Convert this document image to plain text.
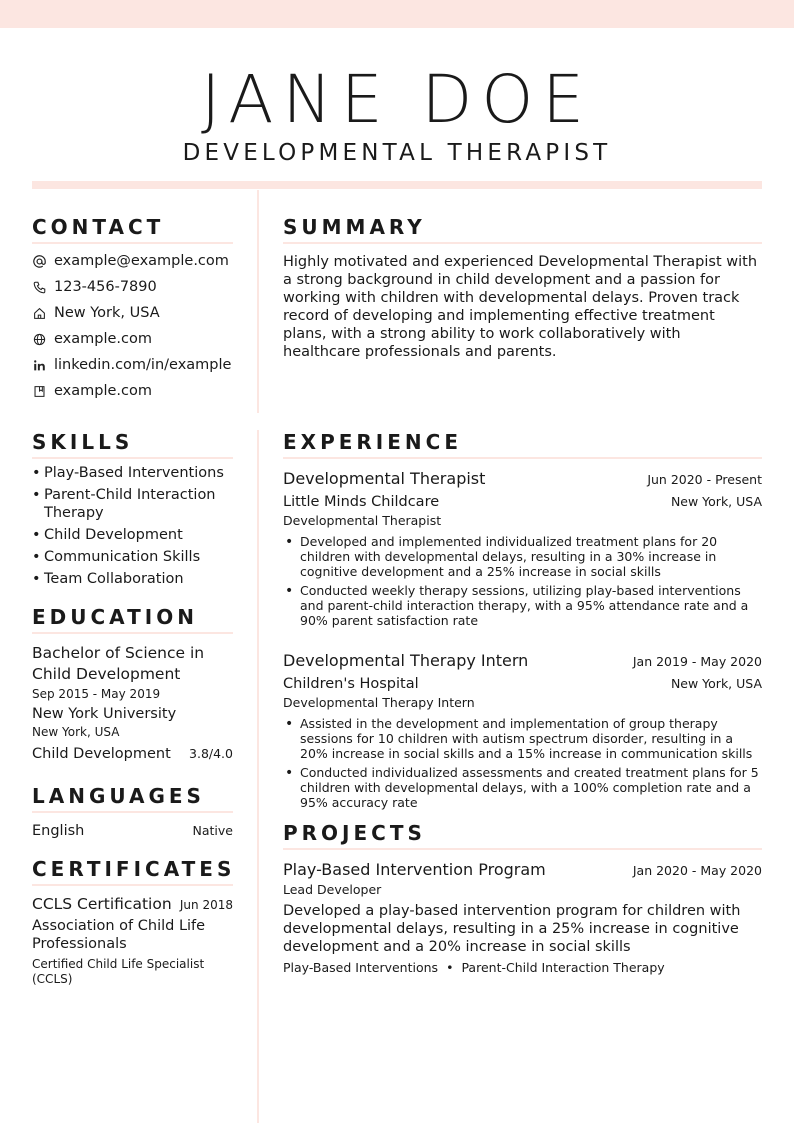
JANE DOE
DEVELOPMENTAL THERAPIST
CONTACT
example@example.com
123-456-7890
New York, USA
example.com
linkedin.com/in/example
example.com
SUMMARY
Highly motivated and experienced Developmental Therapist with a strong background in child development and a passion for working with children with developmental delays. Proven track record of developing and implementing effective treatment plans, with a strong ability to work collaboratively with healthcare professionals and parents.
SKILLS
• Play-Based Interventions
• Parent-Child Interaction Therapy
• Child Development
• Communication Skills
• Team Collaboration
EDUCATION
Bachelor of Science in Child Development
Sep 2015 - May 2019
New York University
New York, USA
Child Development 3.8/4.0
LANGUAGES
English	Native
CERTIFICATES
CCLS Certification Jun 2018
Association of Child Life Professionals
Certified Child Life Specialist (CCLS)
EXPERIENCE
Developmental Therapist	Jun 2020 - Present
Little Minds Childcare	New York, USA
Developmental Therapist
• Developed and implemented individualized treatment plans for 20 children with developmental delays, resulting in a 30% increase in cognitive development and a 25% increase in social skills
• Conducted weekly therapy sessions, utilizing play-based interventions and parent-child interaction therapy, with a 95% attendance rate and a 90% parent satisfaction rate
Developmental Therapy Intern	Jan 2019 - May 2020
Children's Hospital	New York, USA
Developmental Therapy Intern
• Assisted in the development and implementation of group therapy sessions for 10 children with autism spectrum disorder, resulting in a 20% increase in social skills and a 15% increase in communication skills
• Conducted individualized assessments and created treatment plans for 5 children with developmental delays, with a 100% completion rate and a 95% accuracy rate
PROJECTS
Play-Based Intervention Program	Jan 2020 - May 2020
Lead Developer
Developed a play-based intervention program for children with developmental delays, resulting in a 25% increase in cognitive development and a 20% increase in social skills
Play-Based Interventions • Parent-Child Interaction Therapy
